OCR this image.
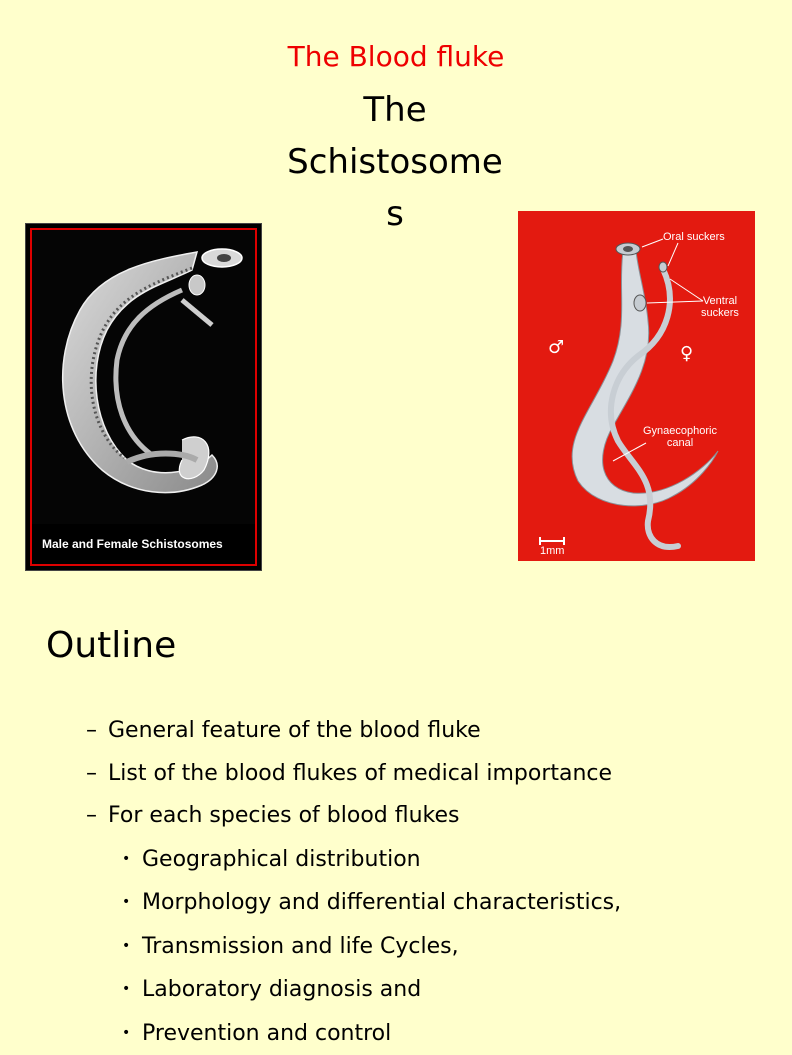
The Blood fluke
The
Schistosome
s
Male and Female Schistosomes
Oral suckers
Ventral
suckers
Gynaecophoric
canal
♂	♀
1mm
Outline
– General feature of the blood fluke
– List of the blood flukes of medical importance
– For each species of blood flukes
• Geographical distribution
• Morphology and differential characteristics,
• Transmission and life Cycles,
• Laboratory diagnosis and
• Prevention and control
